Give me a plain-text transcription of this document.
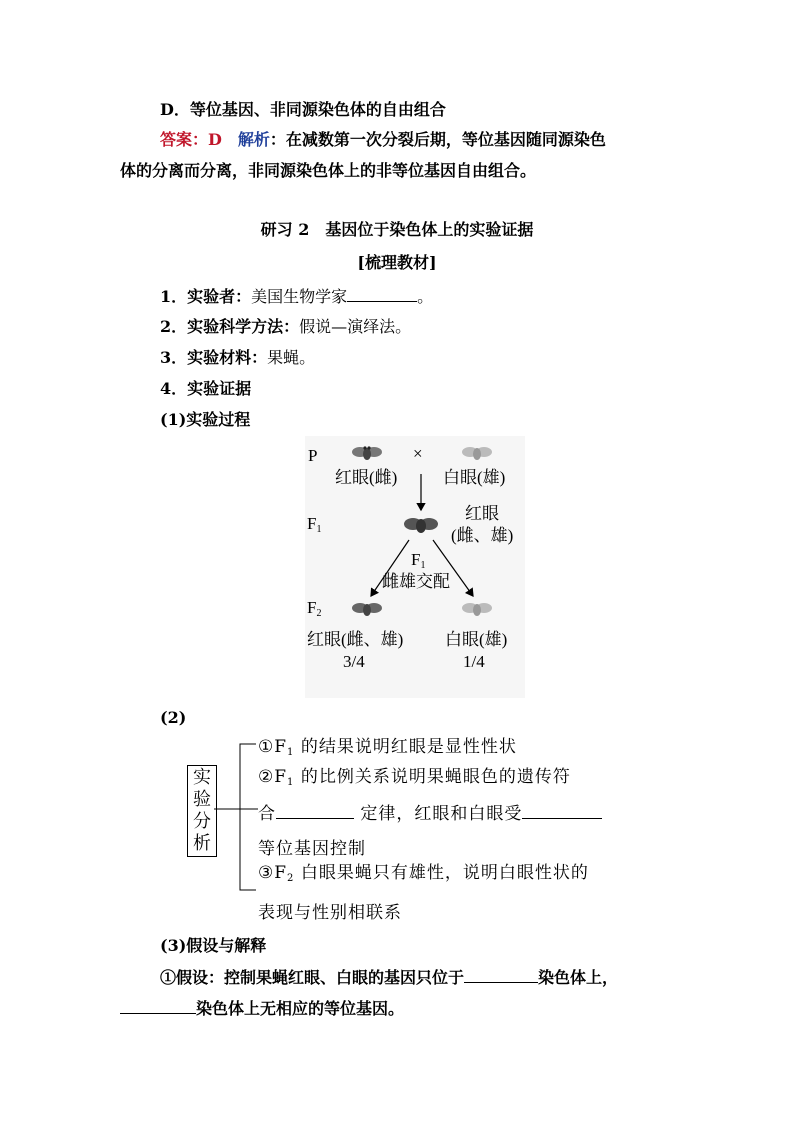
D．等位基因、非同源染色体的自由组合
答案：D　 解析：在减数第一次分裂后期，等位基因随同源染色
体的分离而分离，非同源染色体上的非等位基因自由组合。
研习 2　基因位于染色体上的实验证据
[梳理教材]
1．实验者：美国生物学家	。
2．实验科学方法：假说—演绎法。
3．实验材料：果蝇。
4．实验证据
(1)实验过程
P	×
红眼(雌)	白眼(雄)
$F_1$
红眼
(雌、雄)
$F_1$
雌雄交配
$F_2$
红眼(雌、雄) 白眼(雄)
3/4	1/4
(2)
实
验
分
析
$①F_1$ 的结果说明红眼是显性性状
$②F_1$ 的比例关系说明果蝇眼色的遗传符
合	定律，红眼和白眼受
等位基因控制
$③F_2$ 白眼果蝇只有雄性，说明白眼性状的
表现与性别相联系
(3)假设与解释
①假设：控制果蝇红眼、白眼的基因只位于	染色体上，
染色体上无相应的等位基因。
